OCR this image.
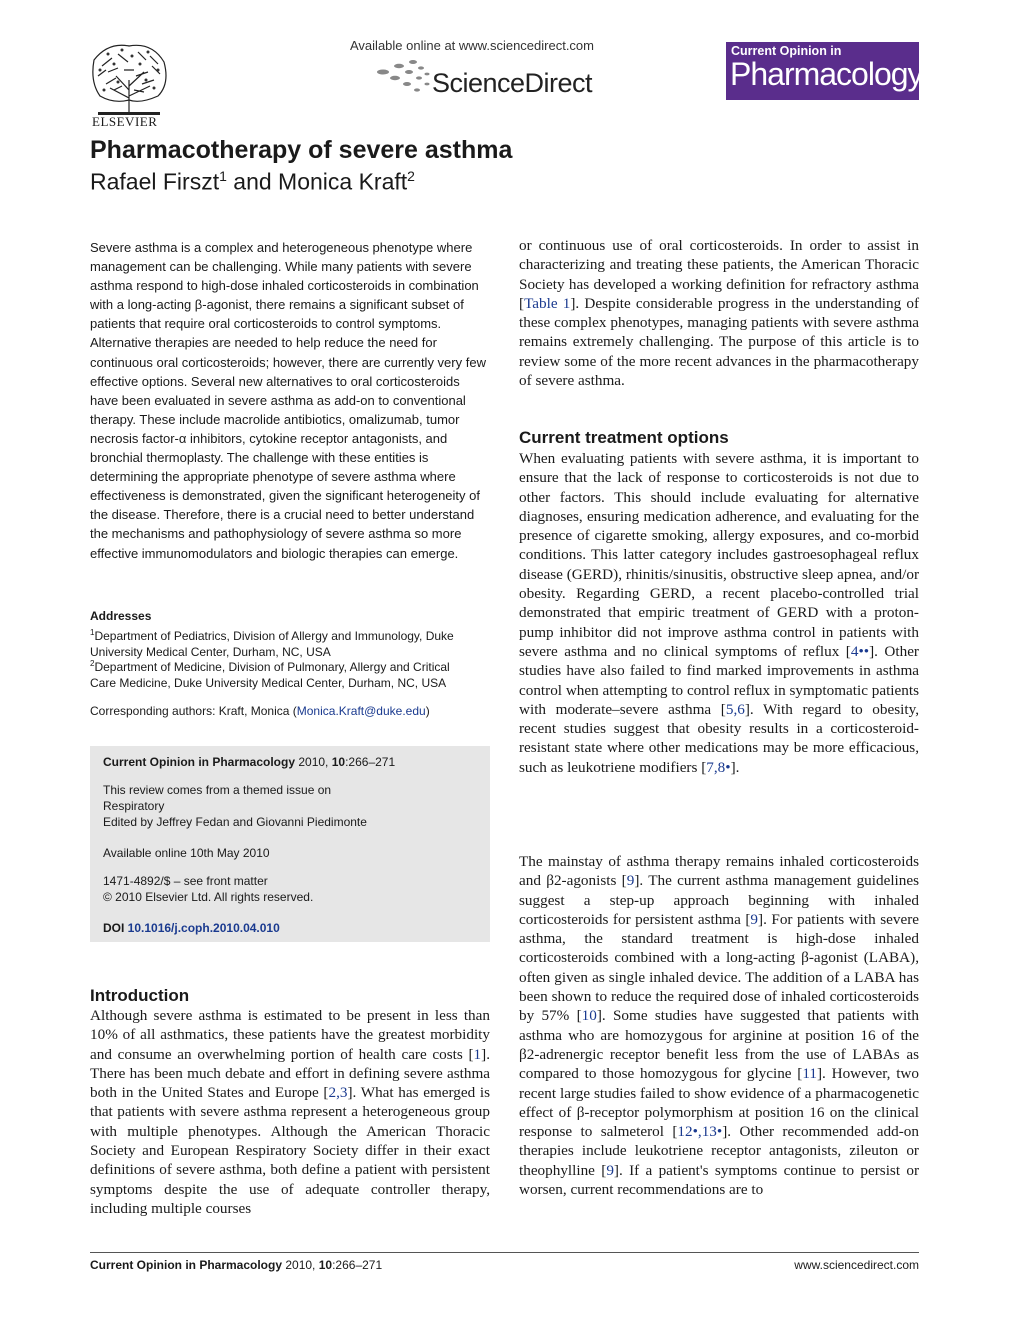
ELSEVIER
Available online at www.sciencedirect.com
ScienceDirect
Current Opinion in
Pharmacology
Pharmacotherapy of severe asthma
Rafael Firszt$^1$ and Monica Kraft$^2$
Severe asthma is a complex and heterogeneous phenotype where management can be challenging. While many patients with severe asthma respond to high-dose inhaled corticosteroids in combination with a long-acting β-agonist, there remains a significant subset of patients that require oral corticosteroids to control symptoms. Alternative therapies are needed to help reduce the need for continuous oral corticosteroids; however, there are currently very few effective options. Several new alternatives to oral corticosteroids have been evaluated in severe asthma as add-on to conventional therapy. These include macrolide antibiotics, omalizumab, tumor necrosis factor-α inhibitors, cytokine receptor antagonists, and bronchial thermoplasty. The challenge with these entities is determining the appropriate phenotype of severe asthma where effectiveness is demonstrated, given the significant heterogeneity of the disease. Therefore, there is a crucial need to better understand the mechanisms and pathophysiology of severe asthma so more effective immunomodulators and biologic therapies can emerge.
Addresses
$^1$Department of Pediatrics, Division of Allergy and Immunology, Duke
University Medical Center, Durham, NC, USA
$^2$Department of Medicine, Division of Pulmonary, Allergy and Critical
Care Medicine, Duke University Medical Center, Durham, NC, USA
Corresponding authors: Kraft, Monica (Monica.Kraft@duke.edu)
Current Opinion in Pharmacology 2010, 10:266–271
This review comes from a themed issue on
Respiratory
Edited by Jeffrey Fedan and Giovanni Piedimonte
Available online 10th May 2010
1471-4892/$ – see front matter
© 2010 Elsevier Ltd. All rights reserved.
DOI 10.1016/j.coph.2010.04.010
Introduction
Although severe asthma is estimated to be present in less than 10% of all asthmatics, these patients have the greatest morbidity and consume an overwhelming portion of health care costs [1]. There has been much debate and effort in defining severe asthma both in the United States and Europe [2,3]. What has emerged is that patients with severe asthma represent a heterogeneous group with multiple phenotypes. Although the American Thoracic Society and European Respiratory Society differ in their exact definitions of severe asthma, both define a patient with persistent symptoms despite the use of adequate controller therapy, including multiple courses
or continuous use of oral corticosteroids. In order to assist in characterizing and treating these patients, the American Thoracic Society has developed a working definition for refractory asthma [Table 1]. Despite considerable progress in the understanding of these complex phenotypes, managing patients with severe asthma remains extremely challenging. The purpose of this article is to review some of the more recent advances in the pharmacotherapy of severe asthma.
Current treatment options
When evaluating patients with severe asthma, it is important to ensure that the lack of response to corticosteroids is not due to other factors. This should include evaluating for alternative diagnoses, ensuring medication adherence, and evaluating for the presence of cigarette smoking, allergy exposures, and co-morbid conditions. This latter category includes gastroesophageal reflux disease (GERD), rhinitis/sinusitis, obstructive sleep apnea, and/or obesity. Regarding GERD, a recent placebo-controlled trial demonstrated that empiric treatment of GERD with a proton-pump inhibitor did not improve asthma control in patients with severe asthma and no clinical symptoms of reflux [4••]. Other studies have also failed to find marked improvements in asthma control when attempting to control reflux in symptomatic patients with moderate–severe asthma [5,6]. With regard to obesity, recent studies suggest that obesity results in a corticosteroid-resistant state where other medications may be more efficacious, such as leukotriene modifiers [7,8•].
The mainstay of asthma therapy remains inhaled corticosteroids and β2-agonists [9]. The current asthma management guidelines suggest a step-up approach beginning with inhaled corticosteroids for persistent asthma [9]. For patients with severe asthma, the standard treatment is high-dose inhaled corticosteroids combined with a long-acting β-agonist (LABA), often given as single inhaled device. The addition of a LABA has been shown to reduce the required dose of inhaled corticosteroids by 57% [10]. Some studies have suggested that patients with asthma who are homozygous for arginine at position 16 of the β2-adrenergic receptor benefit less from the use of LABAs as compared to those homozygous for glycine [11]. However, two recent large studies failed to show evidence of a pharmacogenetic effect of β-receptor polymorphism at position 16 on the clinical response to salmeterol [12•,13•]. Other recommended add-on therapies include leukotriene receptor antagonists, zileuton or theophylline [9]. If a patient's symptoms continue to persist or worsen, current recommendations are to
Current Opinion in Pharmacology 2010, 10:266–271	www.sciencedirect.com
